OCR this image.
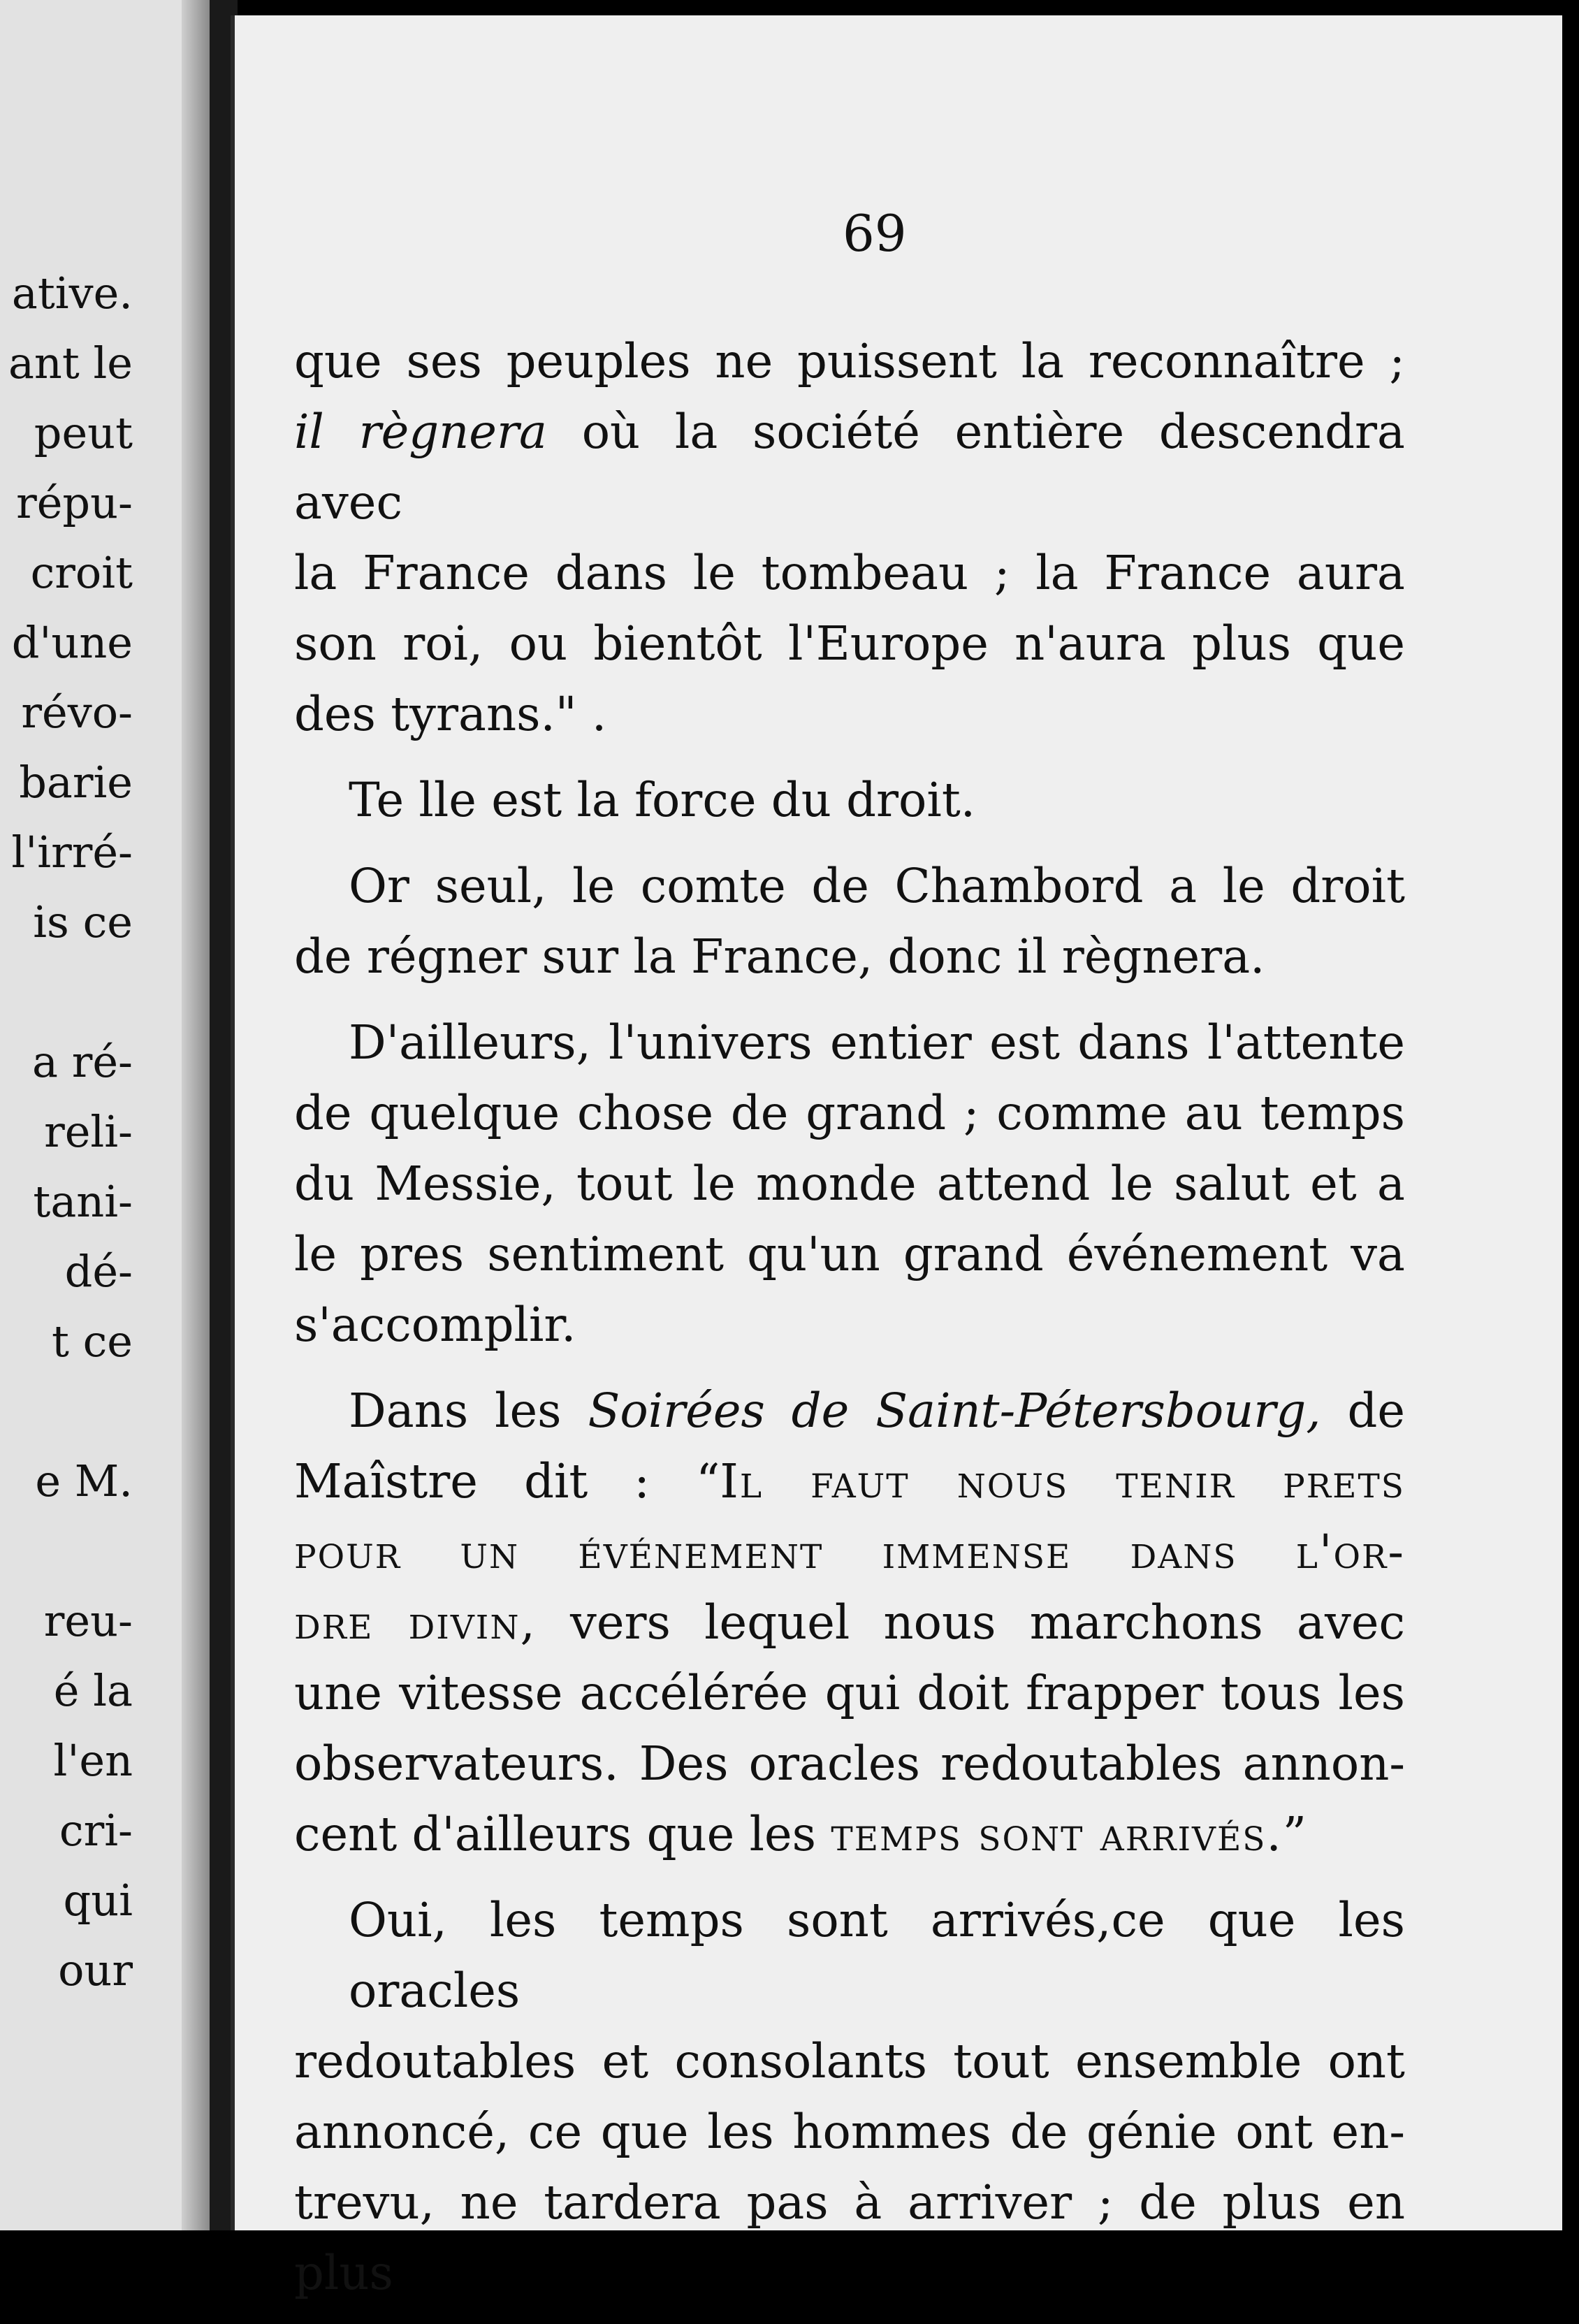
ative.
ant le
peut
répu-
croit
d'une
révo-
barie
l'irré-
is ce
a ré-
reli-
tani-
dé-
t ce
e M.
reu-
é la
l'en
cri-
qui
our
69
que ses peuples ne puissent la reconnaître ;
il règnera où la société entière descendra avec
la France dans le tombeau ; la France aura
son roi, ou bientôt l'Europe n'aura plus que
des tyrans." .
Te lle est la force du droit.
Or seul, le comte de Chambord a le droit
de régner sur la France, donc il règnera.
D'ailleurs, l'univers entier est dans l'attente
de quelque chose de grand ; comme au temps
du Messie, tout le monde attend le salut et a
le pres sentiment qu'un grand événement va
s'accomplir.
Dans les Soirées de Saint-Pétersbourg, de
Maîstre dit : “Il faut nous tenir prets
pour un événement immense dans l'or-
dre divin, vers lequel nous marchons avec
une vitesse accélérée qui doit frapper tous les
observateurs. Des oracles redoutables annon-
cent d'ailleurs que les temps sont arrivés.”
Oui, les temps sont arrivés,ce que les oracles
redoutables et consolants tout ensemble ont
annoncé, ce que les hommes de génie ont en-
trevu, ne tardera pas à arriver ; de plus en plus
